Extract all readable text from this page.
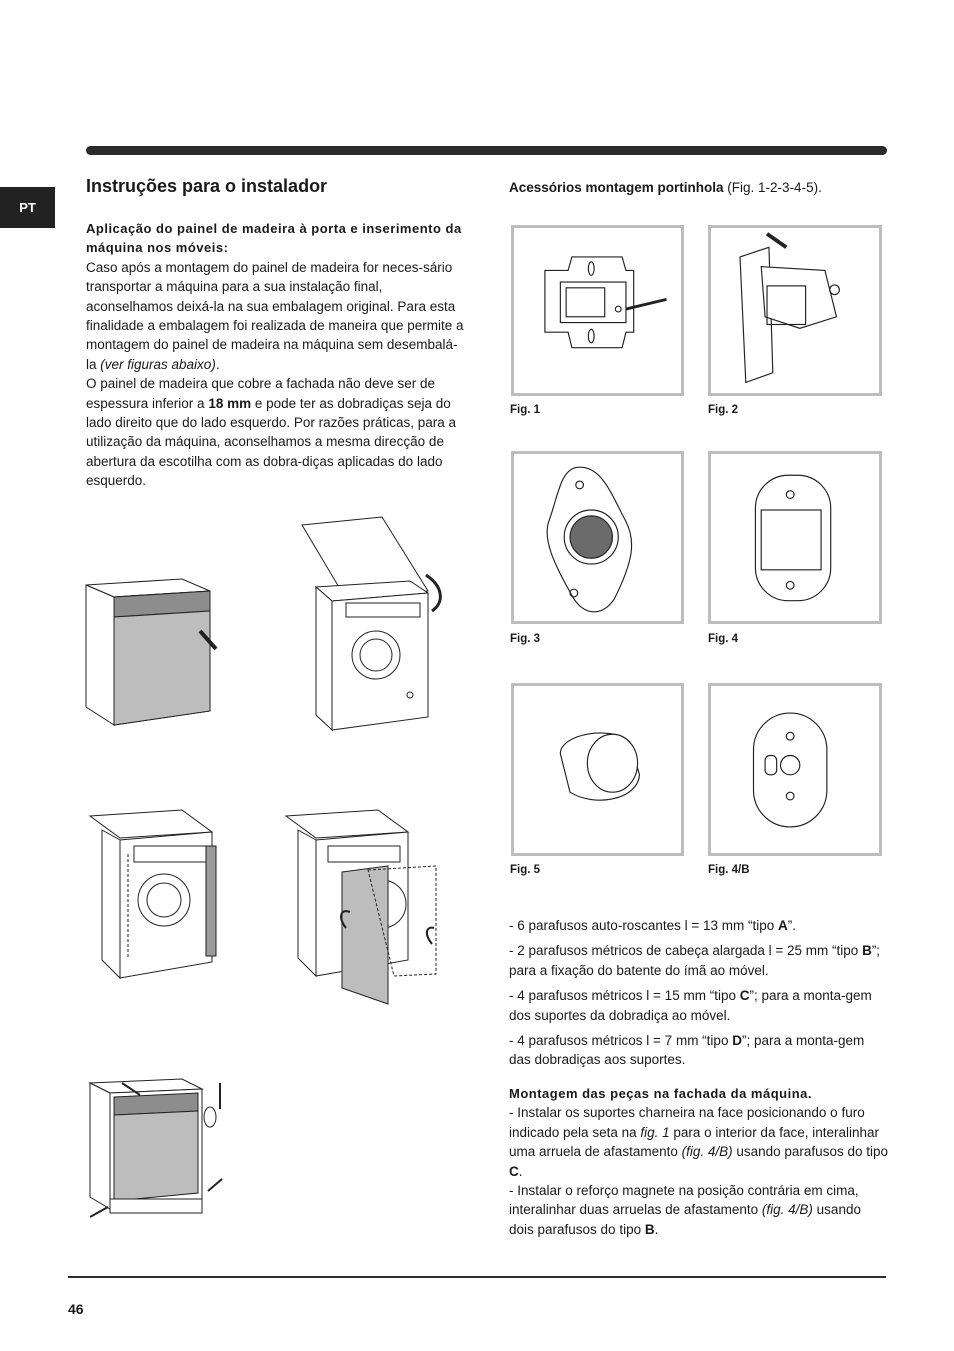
PT
Instruções para o instalador

Aplicação do painel de madeira à porta e inserimento da máquina nos móveis:

Caso após a montagem do painel de madeira for neces-sário transportar a máquina para a sua instalação final, aconselhamos deixá-la na sua embalagem original. Para esta finalidade a embalagem foi realizada de maneira que permite a montagem do painel de madeira na máquina sem desembalá-la (ver figuras abaixo).

O painel de madeira que cobre a fachada não deve ser de espessura inferior a 18 mm e pode ter as dobradiças seja do lado direito que do lado esquerdo. Por razões práticas, para a utilização da máquina, aconselhamos a mesma direcção de abertura da escotilha com as dobra-diças aplicadas do lado esquerdo.

Acessórios montagem portinhola (Fig. 1-2-3-4-5).
Fig. 1	Fig. 2
Fig. 3	Fig. 4
Fig. 5	Fig. 4/B

- 6 parafusos auto-roscantes l = 13 mm “tipo A”.

- 2 parafusos métricos de cabeça alargada l = 25 mm “tipo B”; para a fixação do batente do ímã ao móvel.

- 4 parafusos métricos l = 15 mm “tipo C”; para a monta-gem dos suportes da dobradiça ao móvel.

- 4 parafusos métricos l = 7 mm “tipo D”; para a monta-gem das dobradiças aos suportes.

Montagem das peças na fachada da máquina.

- Instalar os suportes charneira na face posicionando o furo indicado pela seta na fig. 1 para o interior da face, interalinhar uma arruela de afastamento (fig. 4/B) usando parafusos do tipo C.

- Instalar o reforço magnete na posição contrária em cima, interalinhar duas arruelas de afastamento (fig. 4/B) usando dois parafusos do tipo B.

46
